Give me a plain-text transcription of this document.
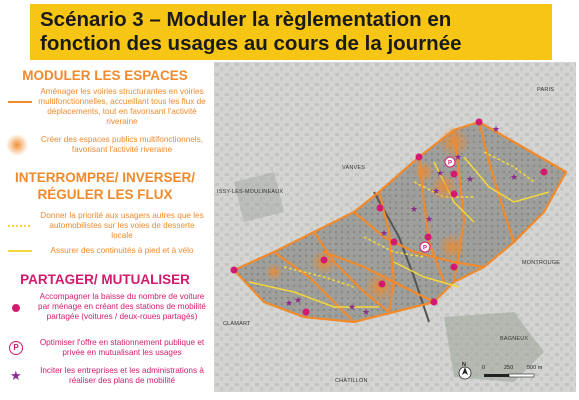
Scénario 3 – Moduler la règlementation en
fonction des usages au cours de la journée
MODULER LES ESPACES
Aménager les voiries structurantes en voiries multifonctionnelles, accueillant tous les flux de déplacements, tout en favorisant l'activité riveraine
Créer des espaces publics multifonctionnels, favorisant l'activité riveraine
INTERROMPRE/ INVERSER/
RÉGULER LES FLUX
Donner la priorité aux usagers autres que les automobilistes sur les voies de desserte locale
Assurer des continuités à pied et à vélo
PARTAGER/ MUTUALISER
Accompagner la baisse du nombre de voiture par ménage en créant des stations de mobilité partagée (voitures / deux-roues partagés)
P
Optimiser l'offre en stationnement publique et privée en mutualisant les usages
★ Inciter les entreprises et les administrations à réaliser des plans de mobilité
P
P
★
★
★	★
★
★
★
★
★
★ ★
★
★
PARIS
ISSY-LES-MOULINEAUX
VANVES
MONTROUGE
CLAMART
BAGNEUX
CHÂTILLON
N	0	250	500 m
